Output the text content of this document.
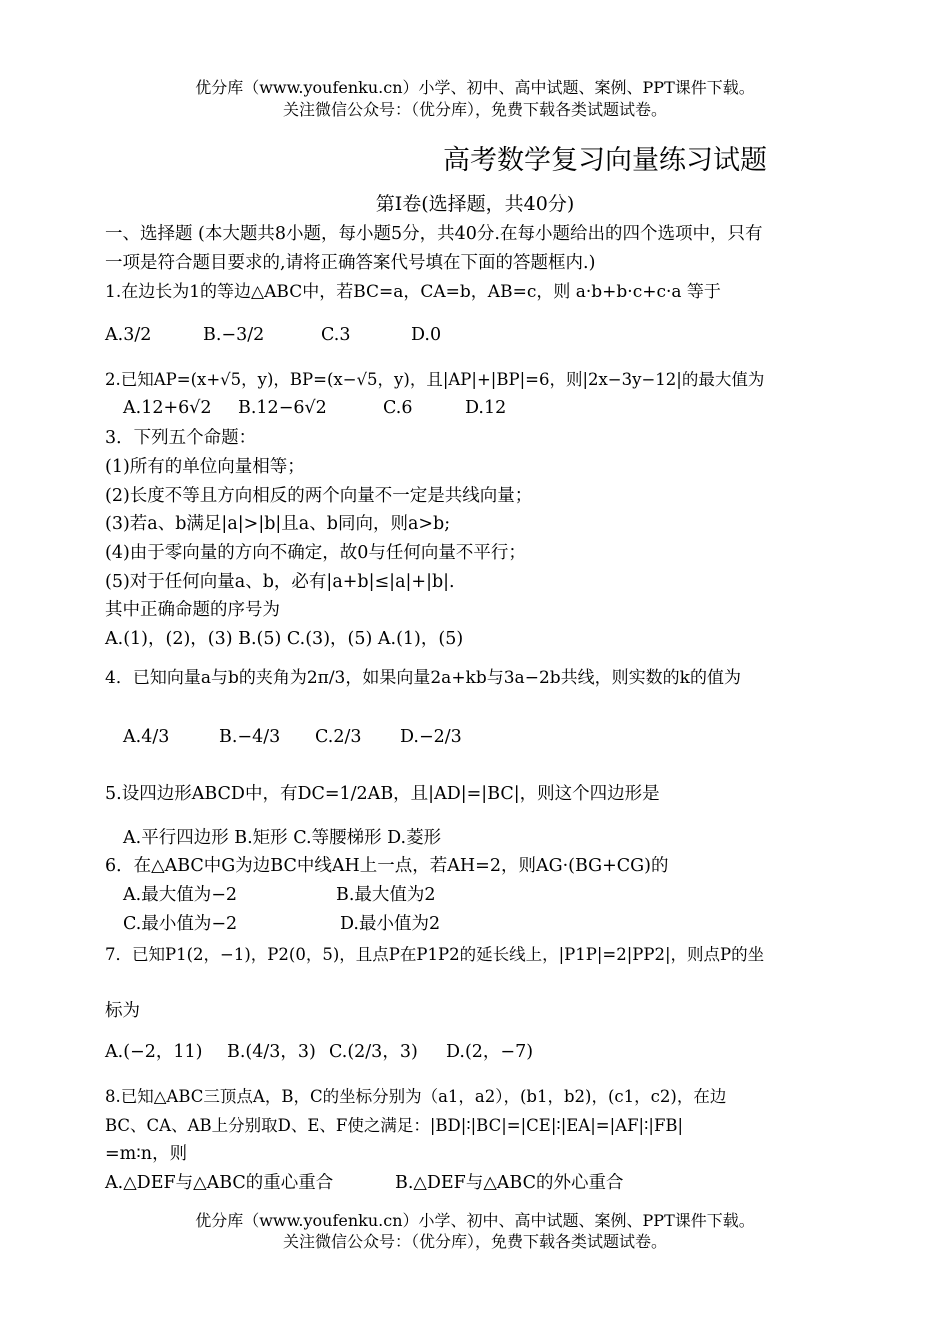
优分库（www.youfenku.cn）小学、初中、高中试题、案例、PPT课件下载。
关注微信公众号：（优分库），免费下载各类试题试卷。
高考数学复习向量练习试题
第Ⅰ卷(选择题，共40分)
一、选择题 (本大题共8小题，每小题5分，共40分.在每小题给出的四个选项中，只有
一项是符合题目要求的,请将正确答案代号填在下面的答题框内.)
1.在边长为1的等边△ABC中，若BC=a，CA=b，AB=c，则 a·b+b·c+c·a 等于
A.3/2	B.−3/2	C.3	D.0
2.已知AP=(x+√5，y)，BP=(x−√5，y)，且|AP|+|BP|=6，则|2x−3y−12|的最大值为
A.12+6√2 B.12−6√2	C.6	D.12
3．下列五个命题：
(1)所有的单位向量相等；
(2)长度不等且方向相反的两个向量不一定是共线向量；
(3)若a、b满足|a|>|b|且a、b同向，则a>b;
(4)由于零向量的方向不确定，故0与任何向量不平行；
(5)对于任何向量a、b，必有|a+b|≤|a|+|b|.
其中正确命题的序号为
A.(1)，(2)，(3) B.(5) C.(3)，(5) A.(1)，(5)
4．已知向量a与b的夹角为2π/3，如果向量2a+kb与3a−2b共线，则实数的k的值为
A.4/3	B.−4/3 C.2/3 D.−2/3
5.设四边形ABCD中，有DC=1/2AB，且|AD|=|BC|，则这个四边形是
A.平行四边形 B.矩形 C.等腰梯形 D.菱形
6．在△ABC中G为边BC中线AH上一点，若AH=2，则AG·(BG+CG)的
A.最大值为−2	B.最大值为2
C.最小值为−2	D.最小值为2
7．已知P1(2，−1)，P2(0，5)，且点P在P1P2的延长线上，|P1P|=2|PP2|，则点P的坐
标为
A.(−2，11) B.(4/3，3) C.(2/3，3) D.(2，−7)
8.已知△ABC三顶点A，B，C的坐标分别为（a1，a2），(b1，b2)，(c1，c2)，在边
BC、CA、AB上分别取D、E、F使之满足：|BD|∶|BC|=|CE|∶|EA|=|AF|∶|FB|
=m∶n，则
A.△DEF与△ABC的重心重合	B.△DEF与△ABC的外心重合
优分库（www.youfenku.cn）小学、初中、高中试题、案例、PPT课件下载。
关注微信公众号：（优分库），免费下载各类试题试卷。
